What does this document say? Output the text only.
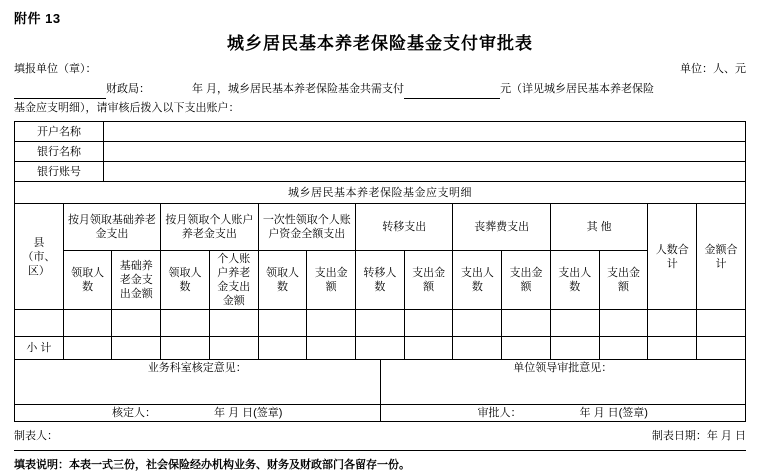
附件 13
城乡居民基本养老保险基金支付审批表
填报单位（章）：	单位：人、元
财政局：	年 月，城乡居民基本养老保险基金共需支付	元（详见城乡居民基本养老保险
基金应支明细），请审核后拨入以下支出账户：
开户名称	
银行名称	
银行账号	
城乡居民基本养老保险基金应支明细														
县（市、区）	按月领取基础养老金支出		按月领取个人账户养老金支出		一次性领取个人账户资金全额支出		转移支出		丧葬费支出		其 他		人数合计	金额合计
	领取人数	基础养老金支出金额	领取人数	个人账户养老金支出金额	领取人数	支出金额	转移人数	支出金额	支出人数	支出金额	支出人数	支出金额		

小 计														
业务科室核定意见：	单位领导审批意见：

核定人： 年 月 日(签章)	审批人： 年 月 日(签章)
制表人：	制表日期：年 月 日
填表说明：本表一式三份，社会保险经办机构业务、财务及财政部门各留存一份。
